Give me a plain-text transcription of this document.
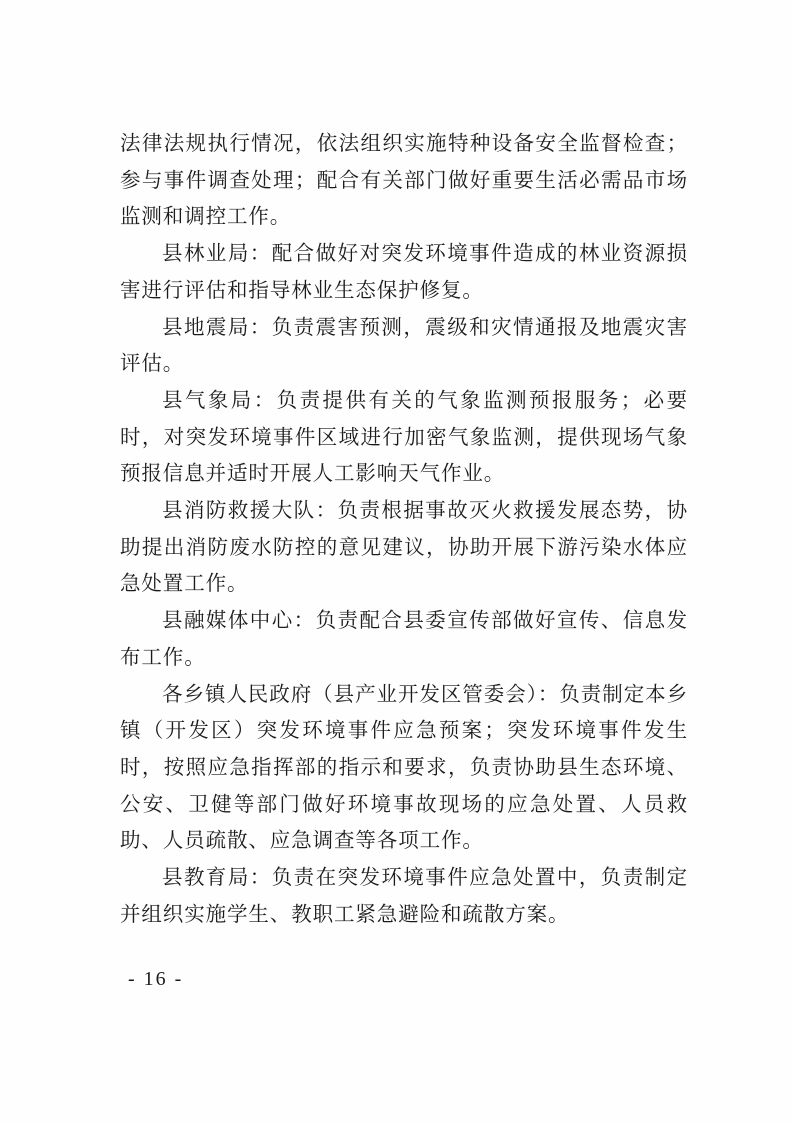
法律法规执行情况，依法组织实施特种设备安全监督检查；参与事件调查处理；配合有关部门做好重要生活必需品市场监测和调控工作。

县林业局：配合做好对突发环境事件造成的林业资源损害进行评估和指导林业生态保护修复。

县地震局：负责震害预测，震级和灾情通报及地震灾害评估。

县气象局：负责提供有关的气象监测预报服务；必要时，对突发环境事件区域进行加密气象监测，提供现场气象预报信息并适时开展人工影响天气作业。

县消防救援大队：负责根据事故灭火救援发展态势，协助提出消防废水防控的意见建议，协助开展下游污染水体应急处置工作。

县融媒体中心：负责配合县委宣传部做好宣传、信息发布工作。

各乡镇人民政府（县产业开发区管委会）：负责制定本乡镇（开发区）突发环境事件应急预案；突发环境事件发生时，按照应急指挥部的指示和要求，负责协助县生态环境、公安、卫健等部门做好环境事故现场的应急处置、人员救助、人员疏散、应急调查等各项工作。

县教育局：负责在突发环境事件应急处置中，负责制定并组织实施学生、教职工紧急避险和疏散方案。

- 16 -
